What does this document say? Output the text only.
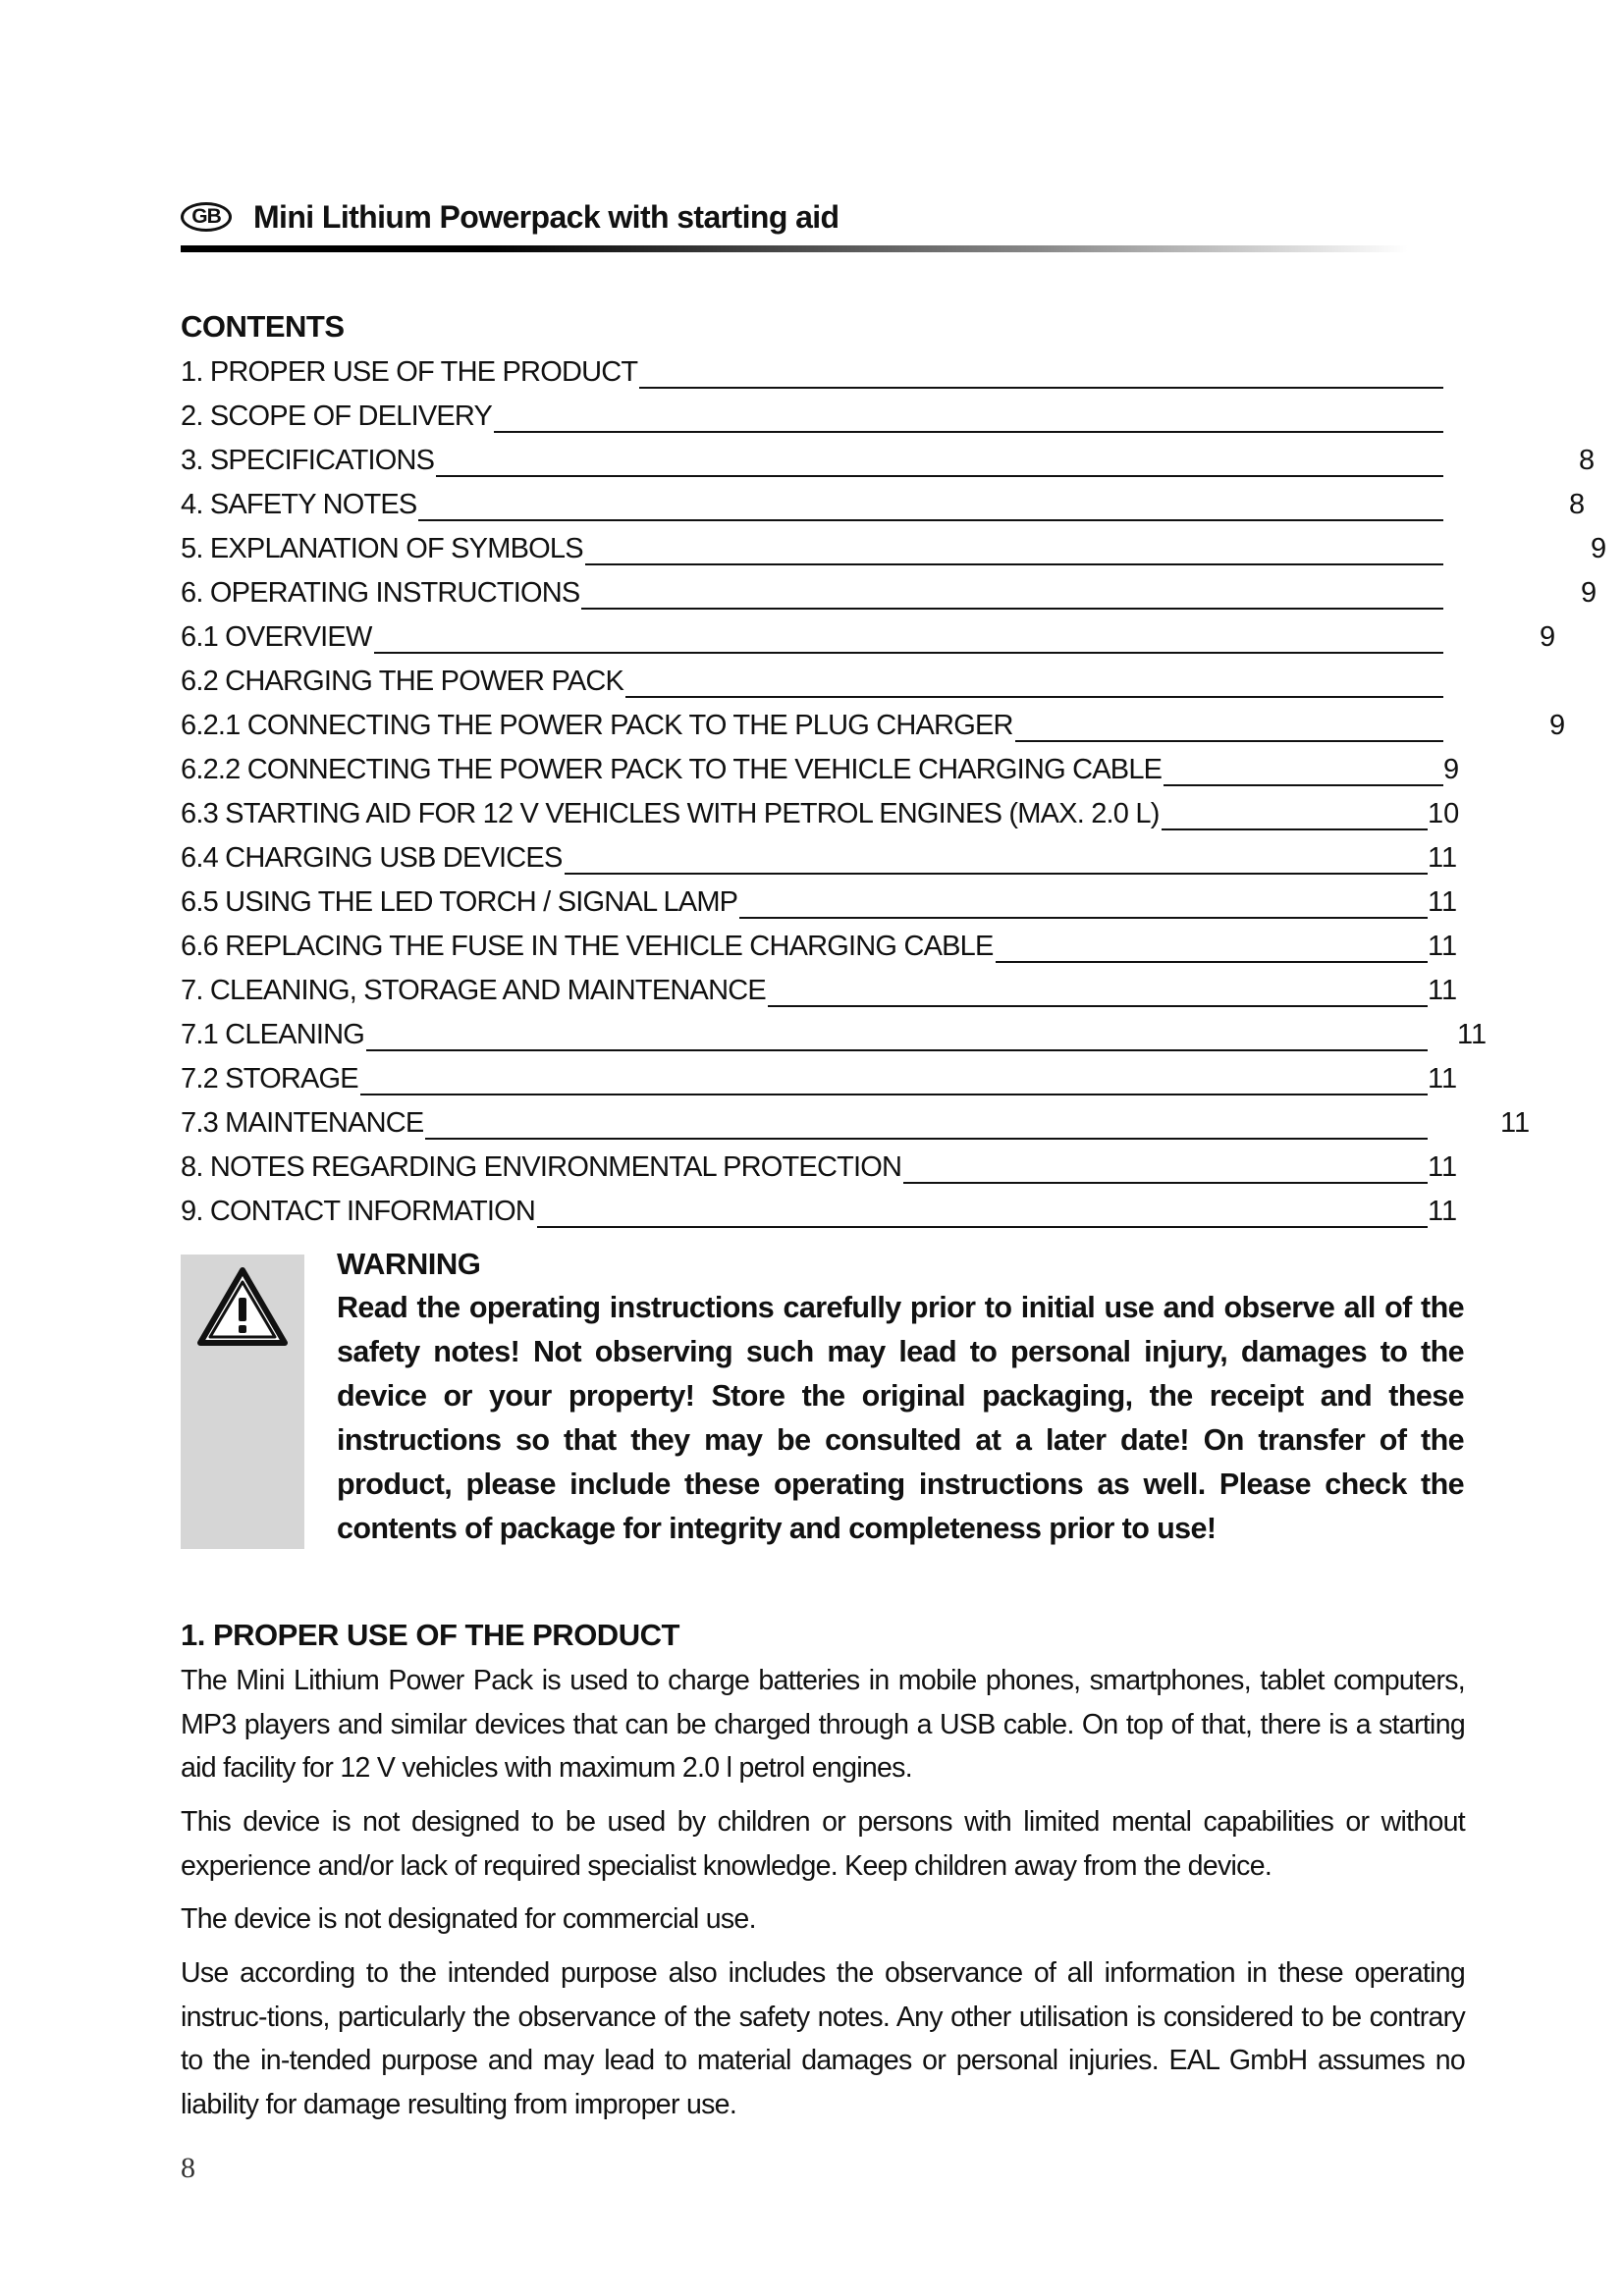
GB	Mini Lithium Powerpack with starting aid
CONTENTS
1. PROPER USE OF THE PRODUCT
2. SCOPE OF DELIVERY
3. SPECIFICATIONS	8
4. SAFETY NOTES	8
5. EXPLANATION OF SYMBOLS	9
6. OPERATING INSTRUCTIONS	9
6.1 OVERVIEW	9
6.2 CHARGING THE POWER PACK
6.2.1 CONNECTING THE POWER PACK TO THE PLUG CHARGER	9
6.2.2 CONNECTING THE POWER PACK TO THE VEHICLE CHARGING CABLE	9
6.3 STARTING AID FOR 12 V VEHICLES WITH PETROL ENGINES (MAX. 2.0 L)	10
6.4 CHARGING USB DEVICES	11
6.5 USING THE LED TORCH / SIGNAL LAMP	11
6.6 REPLACING THE FUSE IN THE VEHICLE CHARGING CABLE	11
7. CLEANING, STORAGE AND MAINTENANCE	11
7.1 CLEANING	11
7.2 STORAGE	11
7.3 MAINTENANCE	11
8. NOTES REGARDING ENVIRONMENTAL PROTECTION	11
9. CONTACT INFORMATION	11
WARNING
Read the operating instructions carefully prior to initial use and observe all of the safety notes! Not observing such may lead to personal injury, damages to the device or your property! Store the original packaging, the receipt and these instructions so that they may be consulted at a later date! On transfer of the product, please include these operating instructions as well. Please check the contents of package for integrity and completeness prior to use!
1. PROPER USE OF THE PRODUCT
The Mini Lithium Power Pack is used to charge batteries in mobile phones, smartphones, tablet computers, MP3 players and similar devices that can be charged through a USB cable. On top of that, there is a starting aid facility for 12 V vehicles with maximum 2.0 l petrol engines.
This device is not designed to be used by children or persons with limited mental capabilities or without experience and/or lack of required specialist knowledge. Keep children away from the device.
The device is not designated for commercial use.
Use according to the intended purpose also includes the observance of all information in these operating instruc-tions, particularly the observance of the safety notes. Any other utilisation is considered to be contrary to the in-tended purpose and may lead to material damages or personal injuries. EAL GmbH assumes no liability for damage resulting from improper use.
8
